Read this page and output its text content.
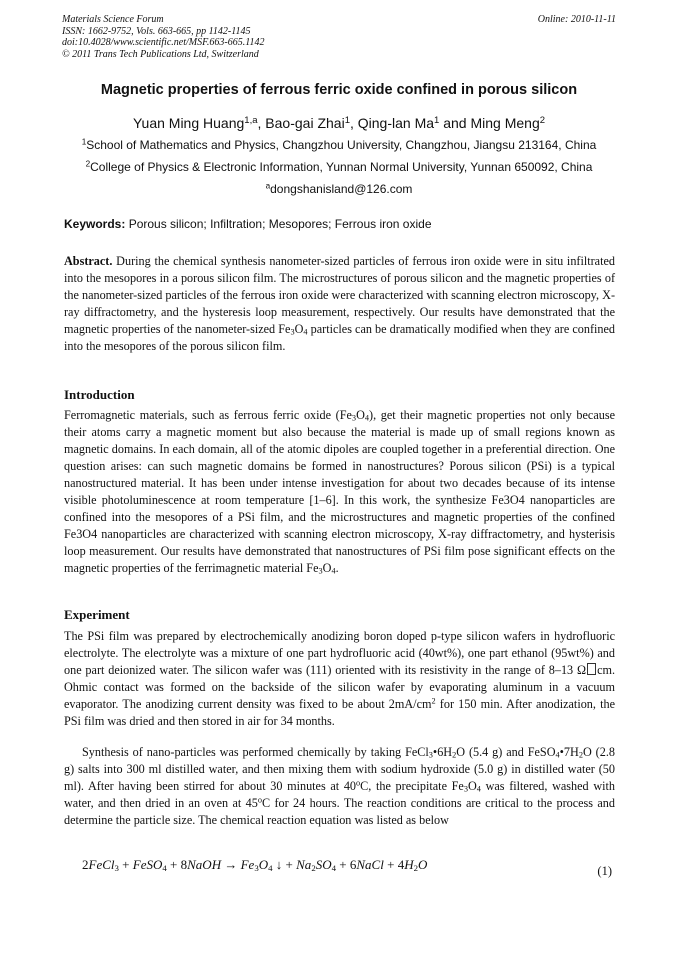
Materials Science Forum
ISSN: 1662-9752, Vols. 663-665, pp 1142-1145
doi:10.4028/www.scientific.net/MSF.663-665.1142
© 2011 Trans Tech Publications Ltd, Switzerland
Online: 2010-11-11
Magnetic properties of ferrous ferric oxide confined in porous silicon
Yuan Ming Huang$^{1,a}$, Bao-gai Zhai$^1$, Qing-lan Ma$^1$ and Ming Meng$^2$
$^1$School of Mathematics and Physics, Changzhou University, Changzhou, Jiangsu 213164, China
$^2$College of Physics & Electronic Information, Yunnan Normal University, Yunnan 650092, China
$^a$dongshanisland@126.com
Keywords: Porous silicon; Infiltration; Mesopores; Ferrous iron oxide
Abstract. During the chemical synthesis nanometer-sized particles of ferrous iron oxide were in situ infiltrated into the mesopores in a porous silicon film. The microstructures of porous silicon and the magnetic properties of the nanometer-sized particles of the ferrous iron oxide were characterized with scanning electron microscopy, X-ray diffractometry, and the hysteresis loop measurement, respectively. Our results have demonstrated that the magnetic properties of the nanometer-sized $Fe_3O_4$ particles can be dramatically modified when they are confined into the mesopores of the porous silicon film.
Introduction
Ferromagnetic materials, such as ferrous ferric oxide $(Fe_3O_4)$, get their magnetic properties not only because their atoms carry a magnetic moment but also because the material is made up of small regions known as magnetic domains. In each domain, all of the atomic dipoles are coupled together in a preferential direction. One question arises: can such magnetic domains be formed in nanostructures? Porous silicon (PSi) is a typical nanostructured material. It has been under intense investigation for about two decades because of its intense visible photoluminescence at room temperature [1–6]. In this work, the synthesize Fe3O4 nanoparticles are confined into the mesopores of a PSi film, and the microstructures and magnetic properties of the confined Fe3O4 nanoparticles are characterized with scanning electron microscopy, X-ray diffractometry, and hysterisis loop measurement. Our results have demonstrated that nanostructures of PSi film pose significant effects on the magnetic properties of the ferrimagnetic material $Fe_3O_4$.
Experiment
The PSi film was prepared by electrochemically anodizing boron doped p-type silicon wafers in hydrofluoric electrolyte. The electrolyte was a mixture of one part hydrofluoric acid (40wt%), one part ethanol (95wt%) and one part deionized water. The silicon wafer was (111) oriented with its resistivity in the range of 8–13 Ω cm. Ohmic contact was formed on the backside of the silicon wafer by evaporating aluminum in a vacuum evaporator. The anodizing current density was fixed to be about $2mA/cm^2$ for 150 min. After anodization, the PSi film was dried and then stored in air for 34 months.
Synthesis of nano-particles was performed chemically by taking $FeCl_3•6H_2O$ (5.4 g) and $FeSO_4•7H_2O$ (2.8 g) salts into 300 ml distilled water, and then mixing them with sodium hydroxide (5.0 g) in distilled water (50 ml). After having been stirred for about 30 minutes at 40$^o$C, the precipitate $Fe_3O_4$ was filtered, washed with water, and then dried in an oven at 45$^o$C for 24 hours. The reaction conditions are critical to the process and determine the particle size. The chemical reaction equation was listed as below
2FeCl$_3$ + FeSO$_4$ + 8NaOH → $Fe_3O_4$ ↓ + $Na_2SO_4$ + 6NaCl + $4H_2O$	(1)
